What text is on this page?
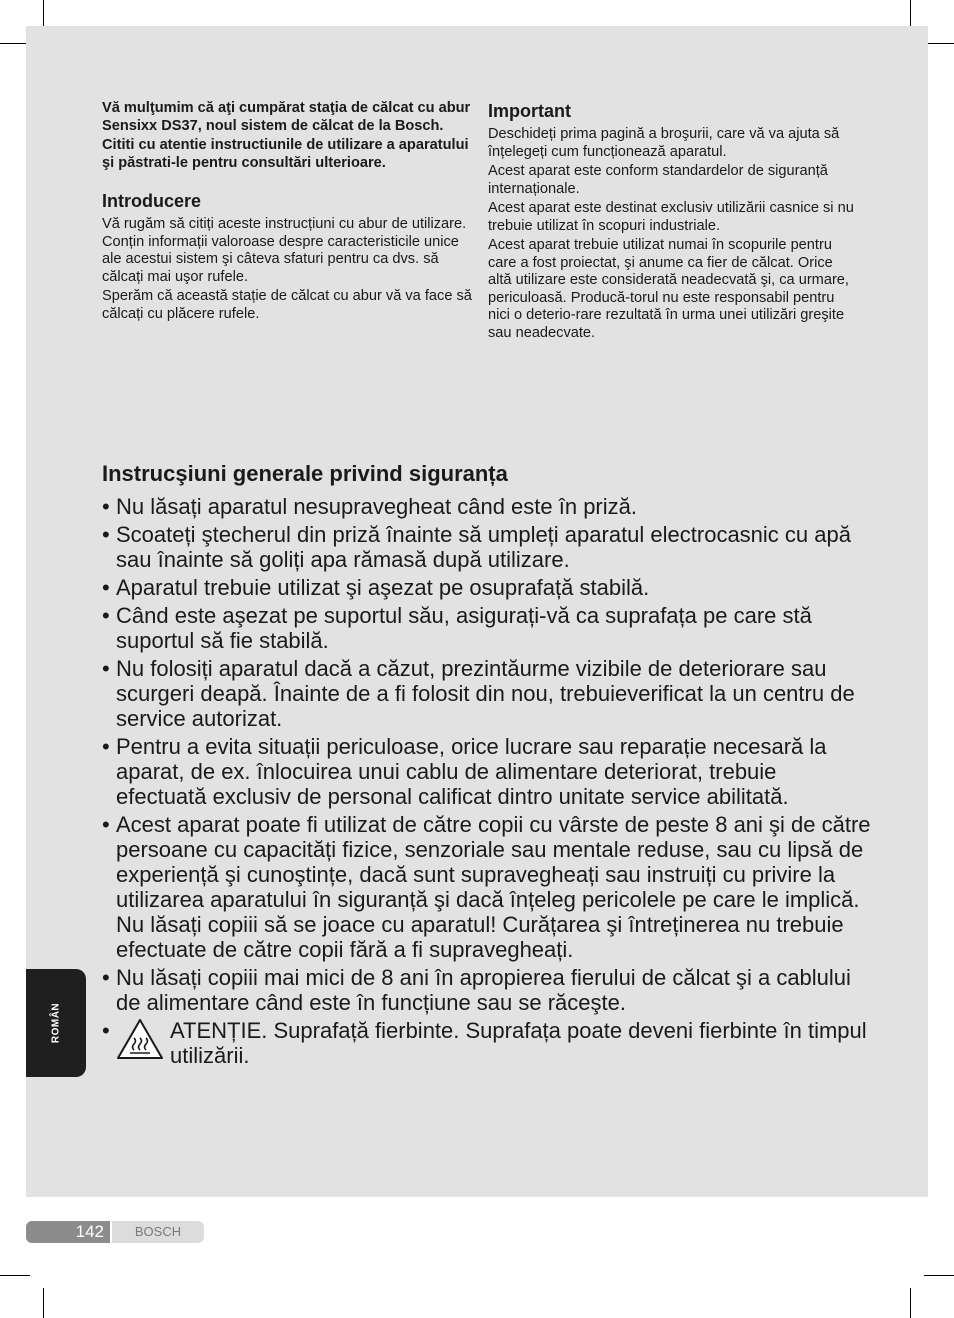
Vă mulţumim că aţi cumpărat staţia de călcat cu abur Sensixx DS37, noul sistem de călcat de la Bosch.

Cititi cu atentie instructiunile de utilizare a aparatului şi păstrati-le pentru consultări ulterioare.

Introducere

Vă rugăm să citiți aceste instrucțiuni cu abur de utilizare. Conțin informații valoroase despre caracteristicile unice ale acestui sistem şi câteva sfaturi pentru ca dvs. să călcați mai uşor rufele.

Sperăm că această stație de călcat cu abur vă va face să călcați cu plăcere rufele.

Important

Deschideți prima pagină a broşurii, care vă va ajuta să înțelegeți cum funcționează aparatul.

Acest aparat este conform standardelor de siguranță internaționale.

Acest aparat este destinat exclusiv utilizării casnice si nu trebuie utilizat în scopuri industriale.

Acest aparat trebuie utilizat numai în scopurile pentru care a fost proiectat, şi anume ca fier de călcat. Orice altă utilizare este considerată neadecvată şi, ca urmare, periculoasă. Producă-torul nu este responsabil pentru nici o deterio-rare rezultată în urma unei utilizări greşite sau neadecvate.

Instrucşiuni generale privind siguranța
• Nu lăsați aparatul nesupravegheat când este în priză.
• Scoateți ştecherul din priză înainte să umpleți aparatul electrocasnic cu apă sau înainte să goliți apa rămasă după utilizare.
• Aparatul trebuie utilizat şi aşezat pe osuprafață stabilă.
• Când este aşezat pe suportul său, asigurați-vă ca suprafața pe care stă suportul să fie stabilă.
• Nu folosiți aparatul dacă a căzut, prezintăurme vizibile de deteriorare sau scurgeri deapă. Înainte de a fi folosit din nou, trebuieverificat la un centru de service autorizat.
• Pentru a evita situații periculoase, orice lucrare sau reparație necesară la aparat, de ex. înlocuirea unui cablu de alimentare deteriorat, trebuie efectuată exclusiv de personal calificat dintro unitate service abilitată.
• Acest aparat poate fi utilizat de către copii cu vârste de peste 8 ani şi de către persoane cu capacități fizice, senzoriale sau mentale reduse, sau cu lipsă de experiență şi cunoştințe, dacă sunt supravegheați sau instruiți cu privire la utilizarea aparatului în siguranță şi dacă înțeleg pericolele pe care le implică. Nu lăsați copiii să se joace cu aparatul! Curățarea şi întreținerea nu trebuie efectuate de către copii fără a fi supravegheați.
• Nu lăsați copiii mai mici de 8 ani în apropierea fierului de călcat şi a cablului de alimentare când este în funcțiune sau se răceşte.
•	ATENȚIE. Suprafață fierbinte. Suprafața poate deveni fierbinte în timpul utilizării.
ROMÂN
142	BOSCH
